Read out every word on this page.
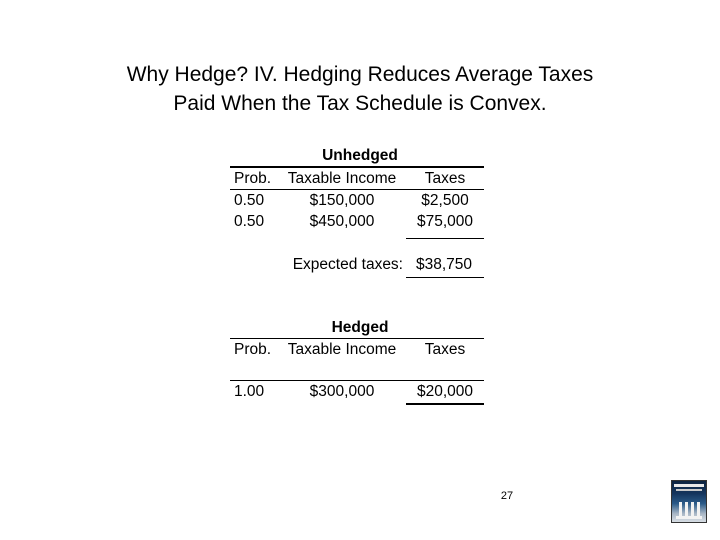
Why Hedge? IV. Hedging Reduces Average Taxes
Paid When the Tax Schedule is Convex.
Unhedged
Prob.	Taxable Income	Taxes
0.50	$150,000	$2,500
0.50	$450,000	$75,000
Expected taxes: $38,750
Hedged
Prob.	Taxable Income	Taxes
1.00	$300,000	$20,000
27
